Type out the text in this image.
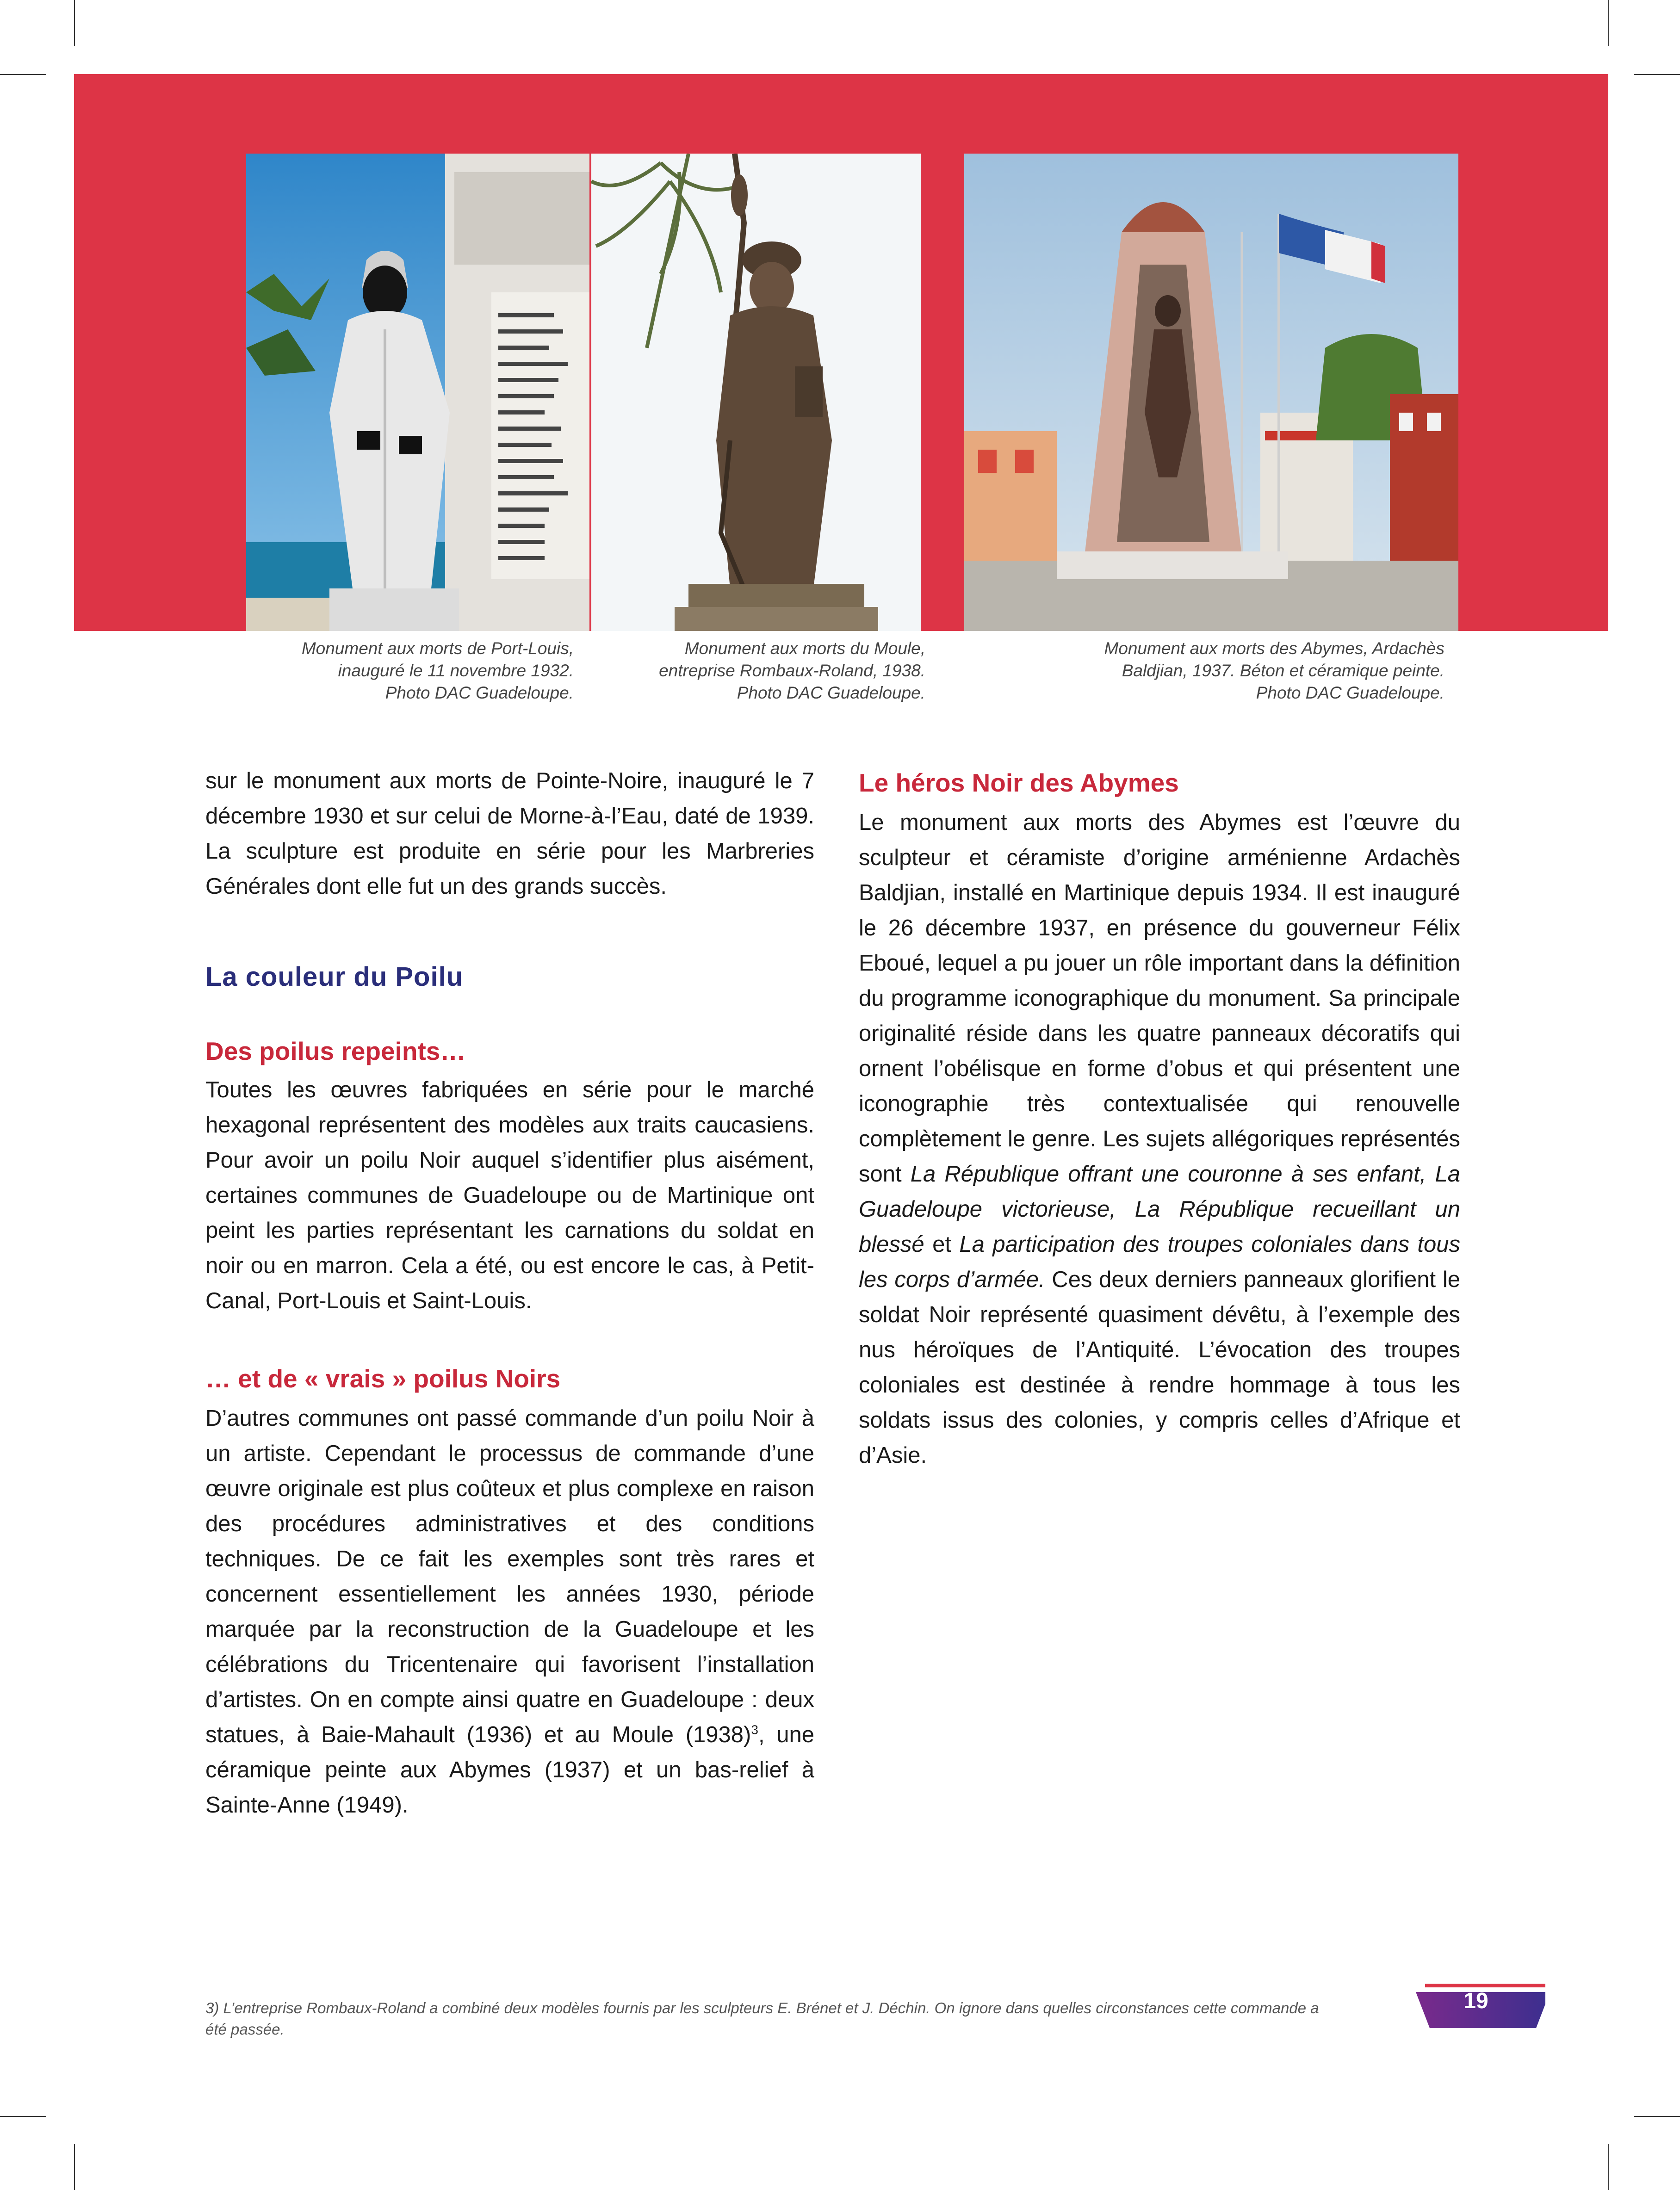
Monument aux morts de Port-Louis,
inauguré le 11 novembre 1932.
Photo DAC Guadeloupe.
Monument aux morts du Moule,
entreprise Rombaux-Roland, 1938.
Photo DAC Guadeloupe.
Monument aux morts des Abymes, Ardachès
Baldjian, 1937. Béton et céramique peinte.
Photo DAC Guadeloupe.

sur le monument aux morts de Pointe-Noire, inauguré le 7 décembre 1930 et sur celui de Morne-à-l’Eau, daté de 1939. La sculpture est produite en série pour les Marbreries Générales dont elle fut un des grands succès.

La couleur du Poilu
Des poilus repeints…

Toutes les œuvres fabriquées en série pour le marché hexagonal représentent des modèles aux traits caucasiens. Pour avoir un poilu Noir auquel s’identifier plus aisément, certaines communes de Guadeloupe ou de Martinique ont peint les parties représentant les carnations du soldat en noir ou en marron. Cela a été, ou est encore le cas, à Petit-Canal, Port-Louis et Saint-Louis.

… et de « vrais » poilus Noirs

D’autres communes ont passé commande d’un poilu Noir à un artiste. Cependant le processus de commande d’une œuvre originale est plus coûteux et plus complexe en raison des procédures administratives et des conditions techniques. De ce fait les exemples sont très rares et concernent essentiellement les années 1930, période marquée par la reconstruction de la Guadeloupe et les célébrations du Tricentenaire qui favorisent l’installation d’artistes. On en compte ainsi quatre en Guadeloupe : deux statues, à Baie-Mahault (1936) et au Moule $(1938)^3$, une céramique peinte aux Abymes (1937) et un bas-relief à Sainte-Anne (1949).

Le héros Noir des Abymes

Le monument aux morts des Abymes est l’œuvre du sculpteur et céramiste d’origine arménienne Ardachès Baldjian, installé en Martinique depuis 1934. Il est inauguré le 26 décembre 1937, en présence du gouverneur Félix Eboué, lequel a pu jouer un rôle important dans la définition du programme iconographique du monument. Sa principale originalité réside dans les quatre panneaux décoratifs qui ornent l’obélisque en forme d’obus et qui présentent une iconographie très contextualisée qui renouvelle complètement le genre. Les sujets allégoriques représentés sont La République offrant une couronne à ses enfant, La Guadeloupe victorieuse, La République recueillant un blessé et La participation des troupes coloniales dans tous les corps d’armée. Ces deux derniers panneaux glorifient le soldat Noir représenté quasiment dévêtu, à l’exemple des nus héroïques de l’Antiquité. L’évocation des troupes coloniales est destinée à rendre hommage à tous les soldats issus des colonies, y compris celles d’Afrique et d’Asie.

3) L’entreprise Rombaux-Roland a combiné deux modèles fournis par les sculpteurs E. Brénet et J. Déchin. On ignore dans quelles circonstances cette commande a été passée.
19
